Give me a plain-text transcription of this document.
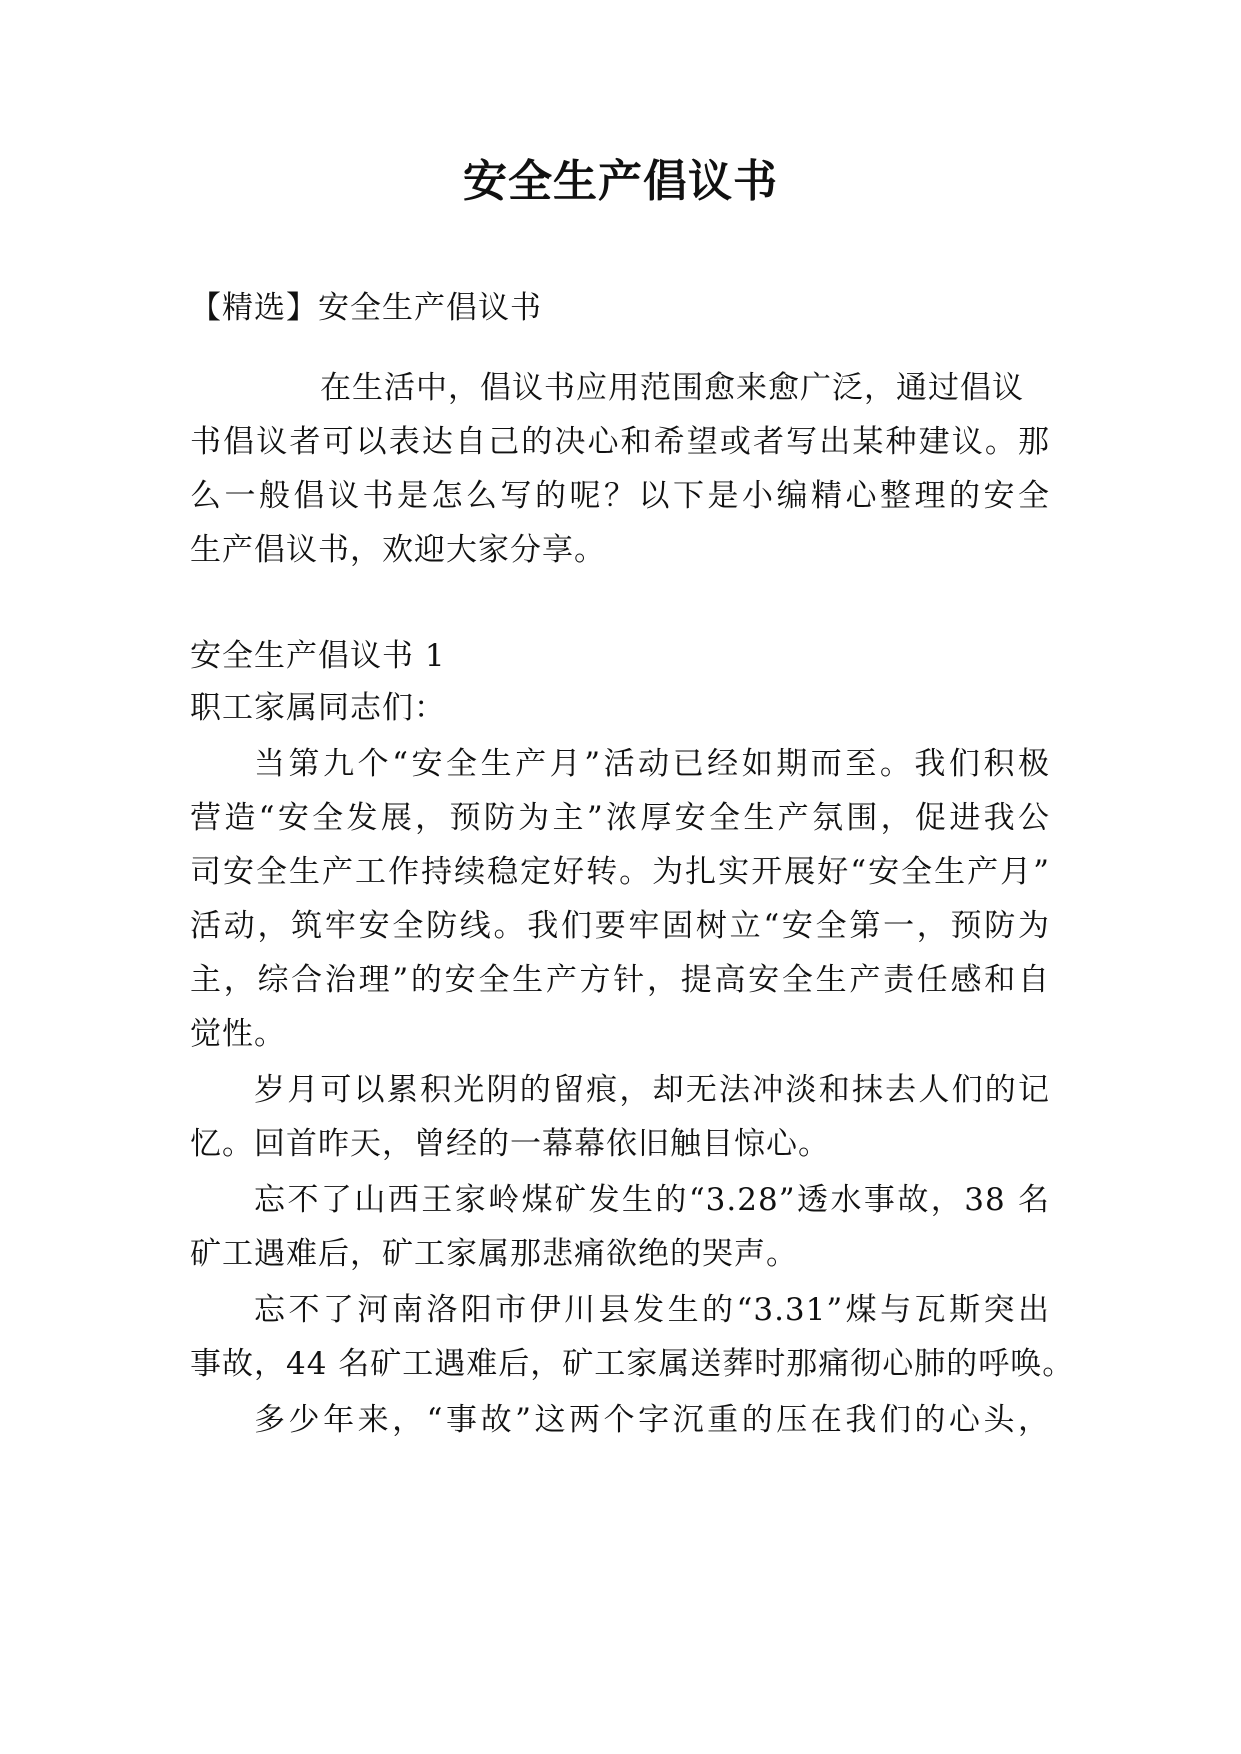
安全生产倡议书

【精选】安全生产倡议书

在生活中，倡议书应用范围愈来愈广泛，通过倡议

书倡议者可以表达自己的决心和希望或者写出某种建议。那

么一般倡议书是怎么写的呢？以下是小编精心整理的安全

生产倡议书，欢迎大家分享。

安全生产倡议书 1

职工家属同志们：

当第九个“安全生产月”活动已经如期而至。我们积极

营造“安全发展，预防为主”浓厚安全生产氛围，促进我公

司安全生产工作持续稳定好转。为扎实开展好“安全生产月”

活动，筑牢安全防线。我们要牢固树立“安全第一，预防为

主，综合治理”的安全生产方针，提高安全生产责任感和自

觉性。

岁月可以累积光阴的留痕，却无法冲淡和抹去人们的记

忆。回首昨天，曾经的一幕幕依旧触目惊心。

忘不了山西王家岭煤矿发生的“3.28”透水事故，38 名

矿工遇难后，矿工家属那悲痛欲绝的哭声。

忘不了河南洛阳市伊川县发生的“3.31”煤与瓦斯突出

事故，44 名矿工遇难后，矿工家属送葬时那痛彻心肺的呼唤。

多少年来，“事故”这两个字沉重的压在我们的心头，
